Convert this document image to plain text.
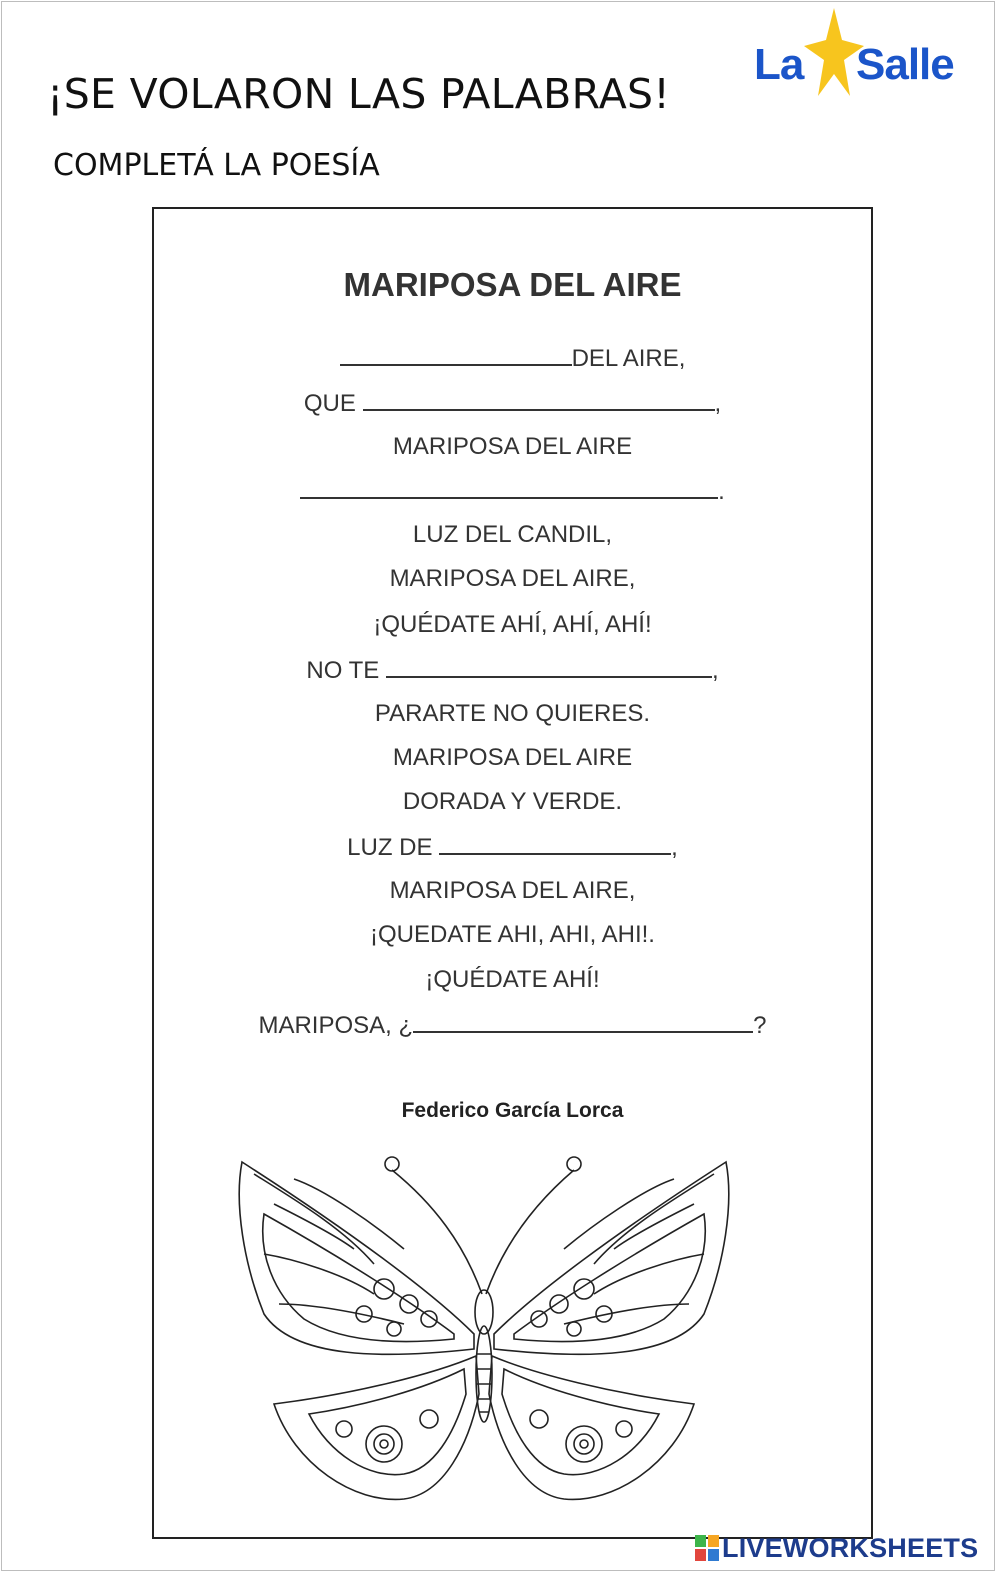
¡SE VOLARON LAS PALABRAS!

COMPLETÁ LA POESÍA

La Salle
MARIPOSA DEL AIRE
DEL AIRE,
QUE	,
MARIPOSA DEL AIRE
.
LUZ DEL CANDIL,
MARIPOSA DEL AIRE,
¡QUÉDATE AHÍ, AHÍ, AHÍ!
NO TE	,
PARARTE NO QUIERES.
MARIPOSA DEL AIRE
DORADA Y VERDE.
LUZ DE	,
MARIPOSA DEL AIRE,
¡QUEDATE AHI, AHI, AHI!.
¡QUÉDATE AHÍ!
MARIPOSA, ¿	?
Federico García Lorca
LIVEWORKSHEETS
